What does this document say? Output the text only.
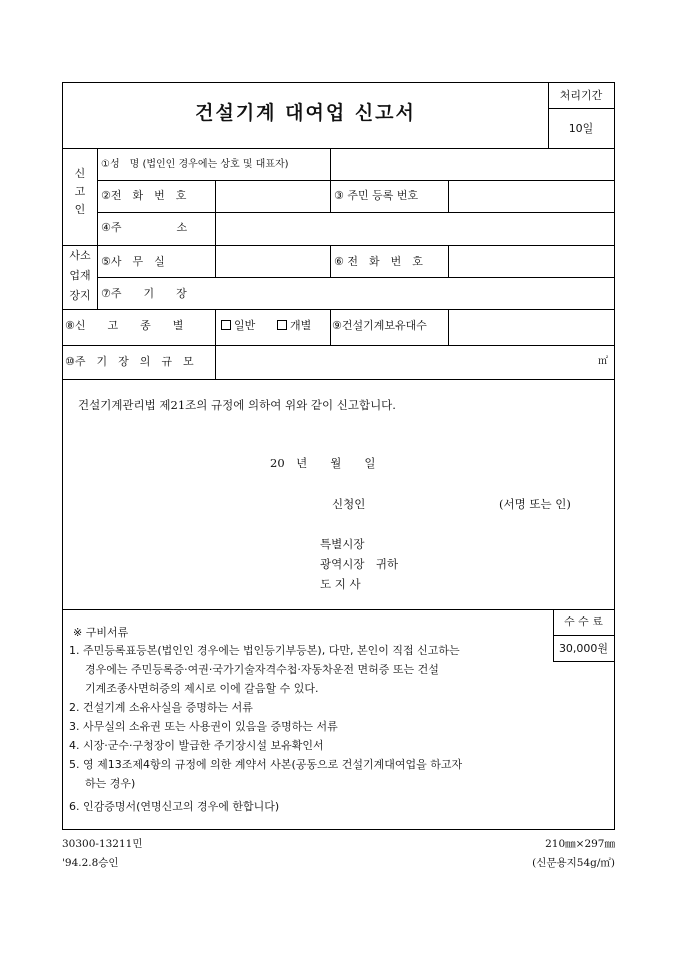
건설기계 대여업 신고서
처리기간
10일
신
고
인
①성　명 (법인인 경우에는 상호 및 대표자)
②전　화　번　호	③ 주민 등록 번호
④주　　　　　소
사소
업재
장지
⑤사　무　실	⑥ 전　화　번　호
⑦주　　기　　장
⑧신　　고　　종　　별	일반	개별 ⑨건설기계보유대수
⑩주　기　장　의　규　모	㎡
건설기계관리법 제21조의 규정에 의하여 위와 같이 신고합니다.
20　년　　월　　일
신청인	(서명 또는 인)
특별시장
광역시장　귀하
도 지 사
※ 구비서류
수 수 료
30,000원
1. 주민등록표등본(법인인 경우에는 법인등기부등본), 다만, 본인이 직접 신고하는
경우에는 주민등록증·여권·국가기술자격수첩·자동차운전 면허증 또는 건설
기계조종사면허증의 제시로 이에 갈음할 수 있다.
2. 건설기계 소유사실을 증명하는 서류
3. 사무실의 소유권 또는 사용권이 있음을 증명하는 서류
4. 시장·군수·구청장이 발급한 주기장시설 보유확인서
5. 영 제13조제4항의 규정에 의한 계약서 사본(공동으로 건설기계대여업을 하고자
하는 경우)
6. 인감증명서(연명신고의 경우에 한합니다)
30300-13211민
'94.2.8승인
210㎜×297㎜
(신문용지54g/㎡)
